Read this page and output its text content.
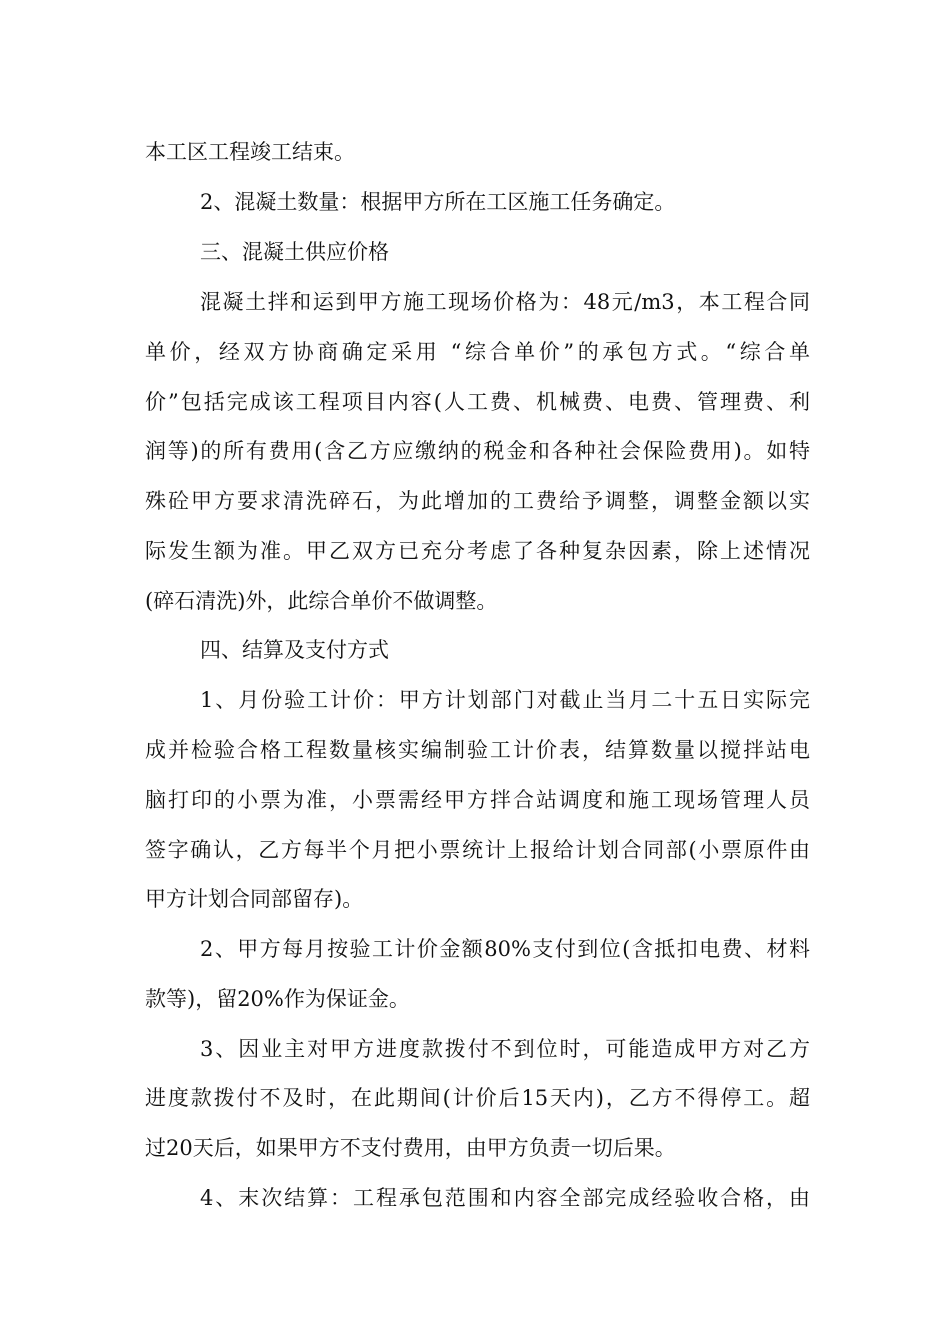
本工区工程竣工结束。
2、混凝土数量：根据甲方所在工区施工任务确定。
三、混凝土供应价格
混凝土拌和运到甲方施工现场价格为：48元/m3，本工程合同
单价，经双方协商确定采用 “综合单价”的承包方式。“综合单
价”包括完成该工程项目内容(人工费、机械费、电费、管理费、利
润等)的所有费用(含乙方应缴纳的税金和各种社会保险费用)。如特
殊砼甲方要求清洗碎石，为此增加的工费给予调整，调整金额以实
际发生额为准。甲乙双方已充分考虑了各种复杂因素，除上述情况
(碎石清洗)外，此综合单价不做调整。
四、结算及支付方式
1、月份验工计价：甲方计划部门对截止当月二十五日实际完
成并检验合格工程数量核实编制验工计价表，结算数量以搅拌站电
脑打印的小票为准，小票需经甲方拌合站调度和施工现场管理人员
签字确认，乙方每半个月把小票统计上报给计划合同部(小票原件由
甲方计划合同部留存)。
2、甲方每月按验工计价金额80%支付到位(含抵扣电费、材料
款等)，留20%作为保证金。
3、因业主对甲方进度款拨付不到位时，可能造成甲方对乙方
进度款拨付不及时，在此期间(计价后15天内)，乙方不得停工。超
过20天后，如果甲方不支付费用，由甲方负责一切后果。
4、末次结算：工程承包范围和内容全部完成经验收合格，由
